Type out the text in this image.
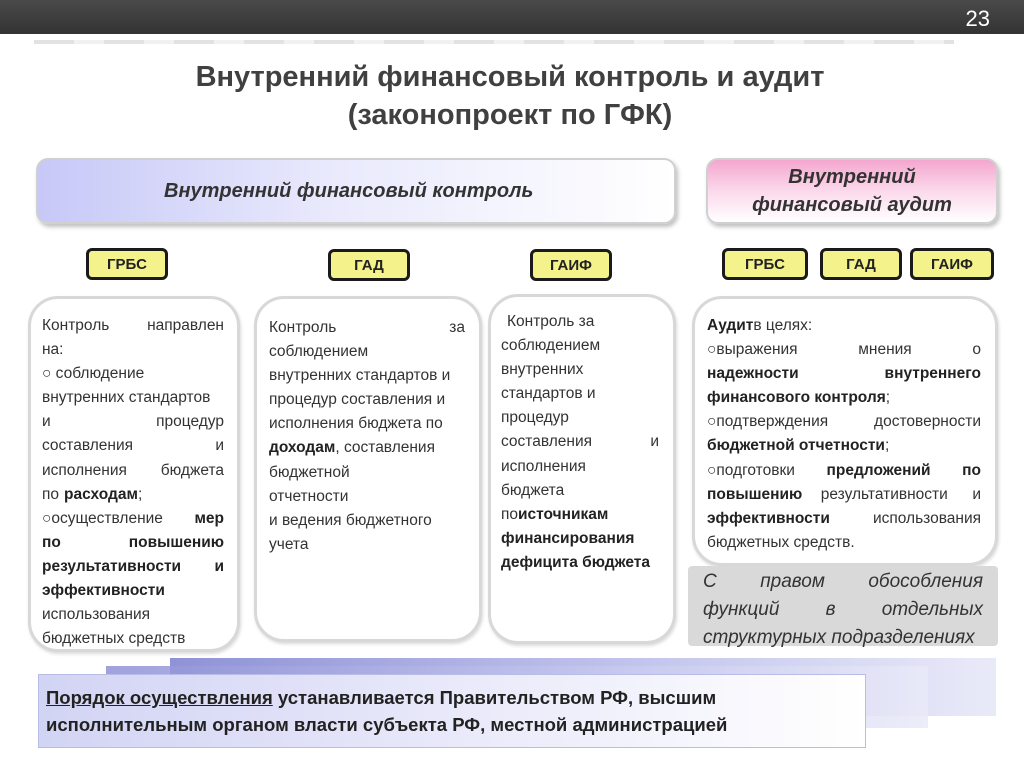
23
Внутренний финансовый контроль и аудит
(законопроект по ГФК)
Внутренний финансовый контроль
Внутренний
финансовый аудит
ГРБС	ГАД	ГАИФ	ГРБС	ГАД	ГАИФ
Контроль направлен
на:
○ соблюдение
внутренних стандартов
и	процедур
составления	и
исполнения бюджета
по расходам ;
○осуществление мер
по	повышению
результативности и
эффективности
использования
бюджетных средств
Контроль	за
соблюдением
внутренних стандартов и
процедур составления и
исполнения бюджета по
доходам , составления
бюджетной
отчетности
и ведения бюджетного
учета
Контроль за
соблюдением
внутренних
стандартов и
процедур
составления	и
исполнения
бюджета
по источникам
финансирования
дефицита бюджета
Аудит в целях:
○выражения	мнения	о
надежности	внутреннего
финансового контроля ;
○подтверждения	достоверности
бюджетной отчетности ;
○подготовки предложений по
повышению результативности и
эффективности	использования
бюджетных средств.
С правом обособления
функций в отдельных
структурных подразделениях
Порядок осуществления устанавливается Правительством РФ, высшим
исполнительным органом власти субъекта РФ, местной администрацией
